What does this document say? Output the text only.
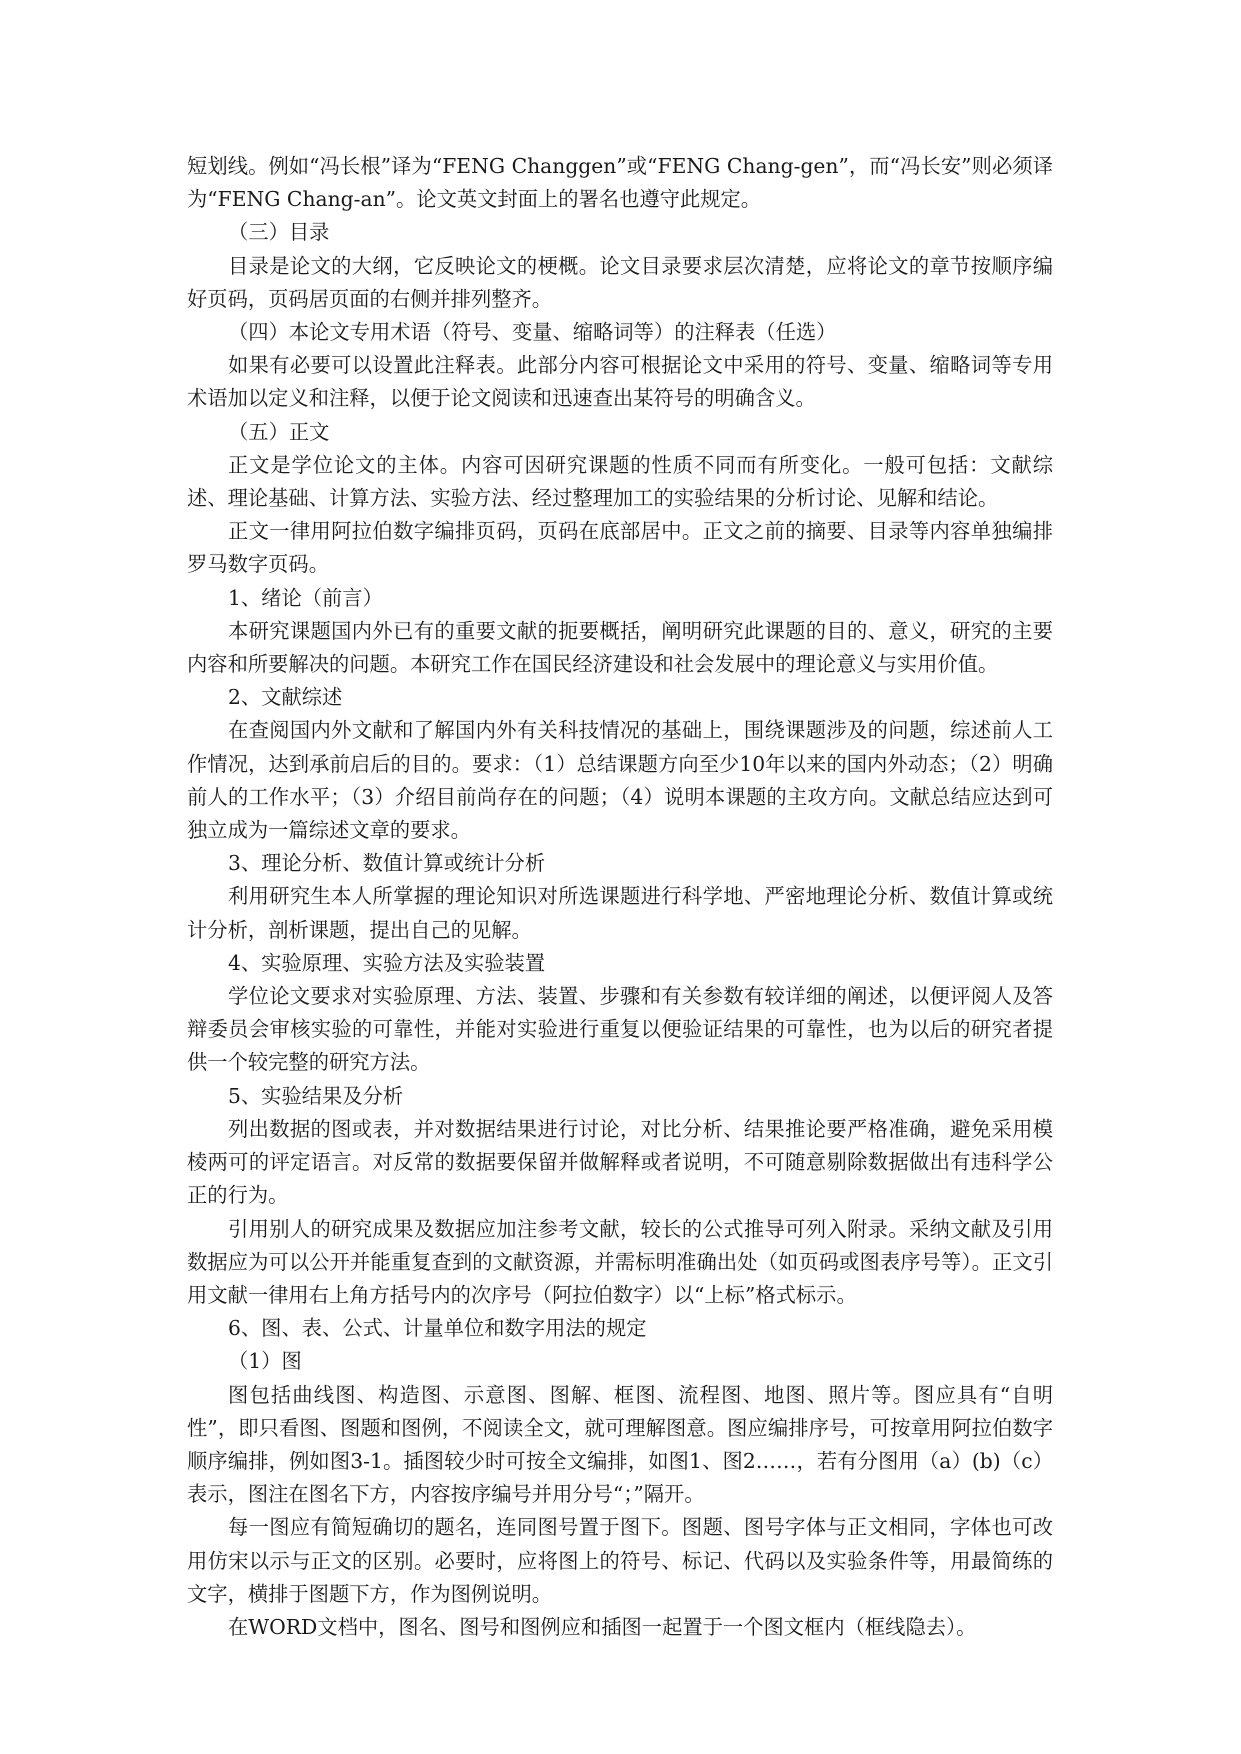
短划线。例如“冯长根”译为“FENG Changgen”或“FENG Chang-gen”，而“冯长安”则必须译为“FENG Chang-an”。论文英文封面上的署名也遵守此规定。

（三）目录

目录是论文的大纲，它反映论文的梗概。论文目录要求层次清楚，应将论文的章节按顺序编好页码，页码居页面的右侧并排列整齐。

（四）本论文专用术语（符号、变量、缩略词等）的注释表（任选）

如果有必要可以设置此注释表。此部分内容可根据论文中采用的符号、变量、缩略词等专用术语加以定义和注释，以便于论文阅读和迅速查出某符号的明确含义。

（五）正文

正文是学位论文的主体。内容可因研究课题的性质不同而有所变化。一般可包括：文献综述、理论基础、计算方法、实验方法、经过整理加工的实验结果的分析讨论、见解和结论。

正文一律用阿拉伯数字编排页码，页码在底部居中。正文之前的摘要、目录等内容单独编排罗马数字页码。

1、绪论（前言）

本研究课题国内外已有的重要文献的扼要概括，阐明研究此课题的目的、意义，研究的主要内容和所要解决的问题。本研究工作在国民经济建设和社会发展中的理论意义与实用价值。

2、文献综述

在查阅国内外文献和了解国内外有关科技情况的基础上，围绕课题涉及的问题，综述前人工作情况，达到承前启后的目的。要求：（1）总结课题方向至少10年以来的国内外动态；（2）明确前人的工作水平；（3）介绍目前尚存在的问题；（4）说明本课题的主攻方向。文献总结应达到可独立成为一篇综述文章的要求。

3、理论分析、数值计算或统计分析

利用研究生本人所掌握的理论知识对所选课题进行科学地、严密地理论分析、数值计算或统计分析，剖析课题，提出自己的见解。

4、实验原理、实验方法及实验装置

学位论文要求对实验原理、方法、装置、步骤和有关参数有较详细的阐述，以便评阅人及答辩委员会审核实验的可靠性，并能对实验进行重复以便验证结果的可靠性，也为以后的研究者提供一个较完整的研究方法。

5、实验结果及分析

列出数据的图或表，并对数据结果进行讨论，对比分析、结果推论要严格准确，避免采用模棱两可的评定语言。对反常的数据要保留并做解释或者说明，不可随意剔除数据做出有违科学公正的行为。

引用别人的研究成果及数据应加注参考文献，较长的公式推导可列入附录。采纳文献及引用数据应为可以公开并能重复查到的文献资源，并需标明准确出处（如页码或图表序号等）。正文引用文献一律用右上角方括号内的次序号（阿拉伯数字）以“上标”格式标示。

6、图、表、公式、计量单位和数字用法的规定

（1）图

图包括曲线图、构造图、示意图、图解、框图、流程图、地图、照片等。图应具有“自明性”，即只看图、图题和图例，不阅读全文，就可理解图意。图应编排序号，可按章用阿拉伯数字顺序编排，例如图3-1。插图较少时可按全文编排，如图1、图2……，若有分图用（a）(b)（c）表示，图注在图名下方，内容按序编号并用分号“；”隔开。

每一图应有简短确切的题名，连同图号置于图下。图题、图号字体与正文相同，字体也可改用仿宋以示与正文的区别。必要时，应将图上的符号、标记、代码以及实验条件等，用最简练的文字，横排于图题下方，作为图例说明。

在WORD文档中，图名、图号和图例应和插图一起置于一个图文框内（框线隐去）。
